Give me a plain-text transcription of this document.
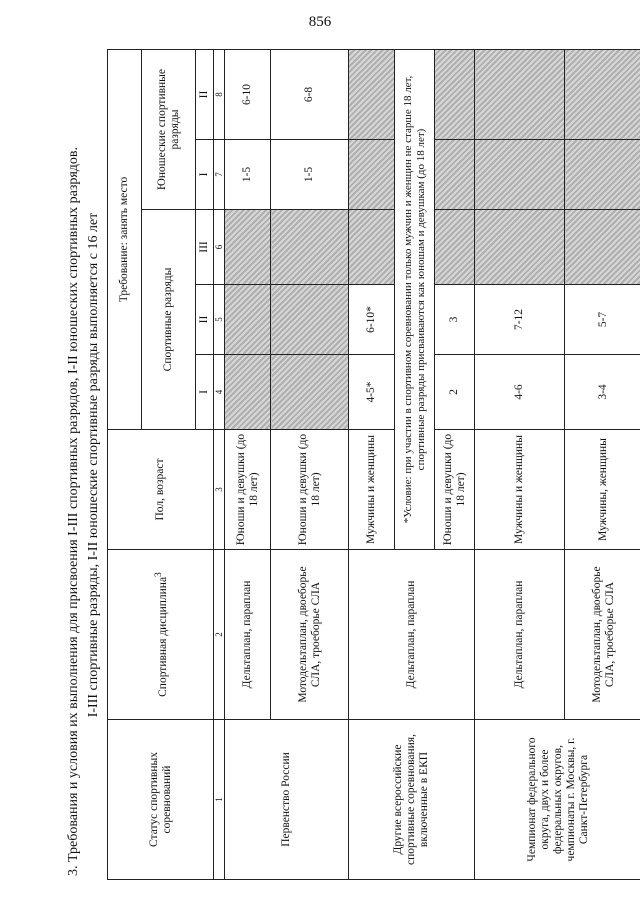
856
3. Требования и условия их выполнения для присвоения I-III спортивных разрядов, I-II юношеских спортивных разрядов. I-III спортивные разряды, I-II юношеские спортивные разряды выполняется с 16 лет
Статус спортивных соревнований	Спортивная дисциплина$^3$	Пол, возраст	Требование: занять место				
			Спортивные разряды			Юношеские спортивные разряды	
			I	II	III	I	II
1	2	3	4	5	6	7	8
Первенство России	Дельтаплан, параплан	Юноши и девушки (до 18 лет)				1-5	6-10
	Мотодельтаплан, двоеборье СЛА, троеборье СЛА	Юноши и девушки (до 18 лет)				1-5	6-8
Другие всероссийские спортивные соревнования, включенные в ЕКП	Дельтаплан, параплан	Мужчины и женщины	4-5*	6-10*			
		*Условие: при участии в спортивном соревновании только мужчин и женщин не старше 18 лет, спортивные разряды присваиваются как юношам и девушкам (до 18 лет)					
		Юноши и девушки (до 18 лет)	2	3			
Чемпионат федерального округа, двух и более федеральных округов, чемпионаты г. Москвы, г. Санкт-Петербурга	Дельтаплан, параплан	Мужчины и женщины	4-6	7-12			
	Мотодельтаплан, двоеборье СЛА, троеборье СЛА	Мужчины, женщины	3-4	5-7			
